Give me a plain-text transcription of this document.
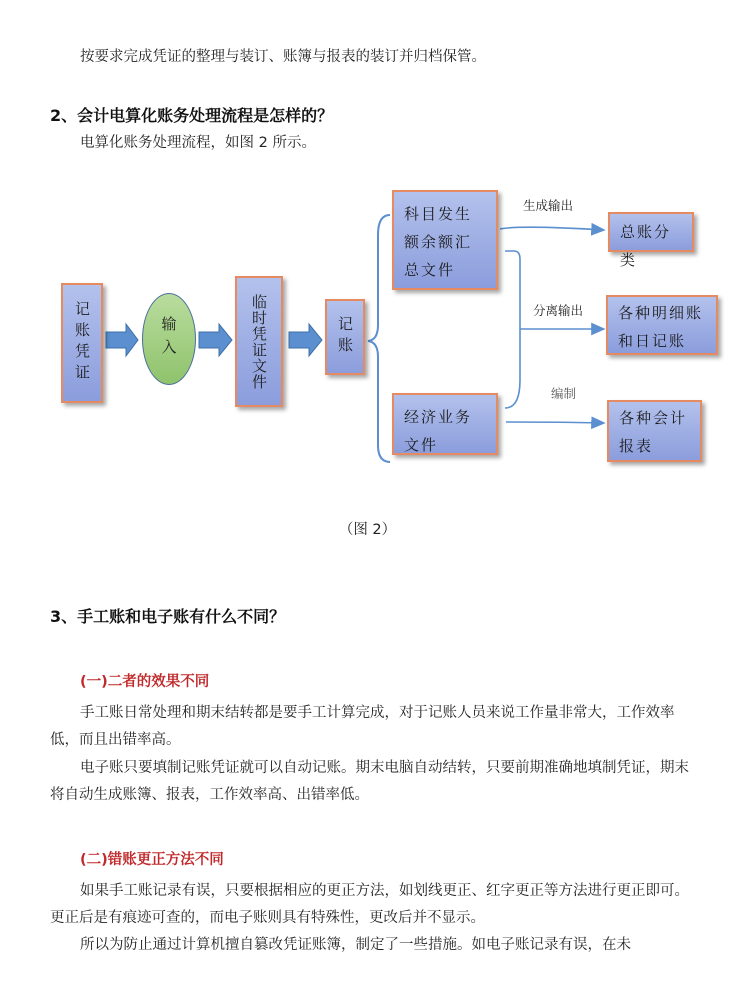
按要求完成凭证的整理与装订、账簿与报表的装订并归档保管。

2、会计电算化账务处理流程是怎样的？

电算化账务处理流程，如图 2 所示。

记账凭证	输入	临时凭证文件	记账
科目发生额余额汇总文件
经济业务文件
总账分类
各种明细账和日记账
各种会计报表
生成输出
分离输出
编制

（图 2）

3、手工账和电子账有什么不同？

(一)二者的效果不同

手工账日常处理和期末结转都是要手工计算完成，对于记账人员来说工作量非常大，工作效率低，而且出错率高。

电子账只要填制记账凭证就可以自动记账。期末电脑自动结转，只要前期准确地填制凭证，期末将自动生成账簿、报表，工作效率高、出错率低。

(二)错账更正方法不同

如果手工账记录有误，只要根据相应的更正方法，如划线更正、红字更正等方法进行更正即可。更正后是有痕迹可查的，而电子账则具有特殊性，更改后并不显示。

所以为防止通过计算机擅自篡改凭证账簿，制定了一些措施。如电子账记录有误，在未
